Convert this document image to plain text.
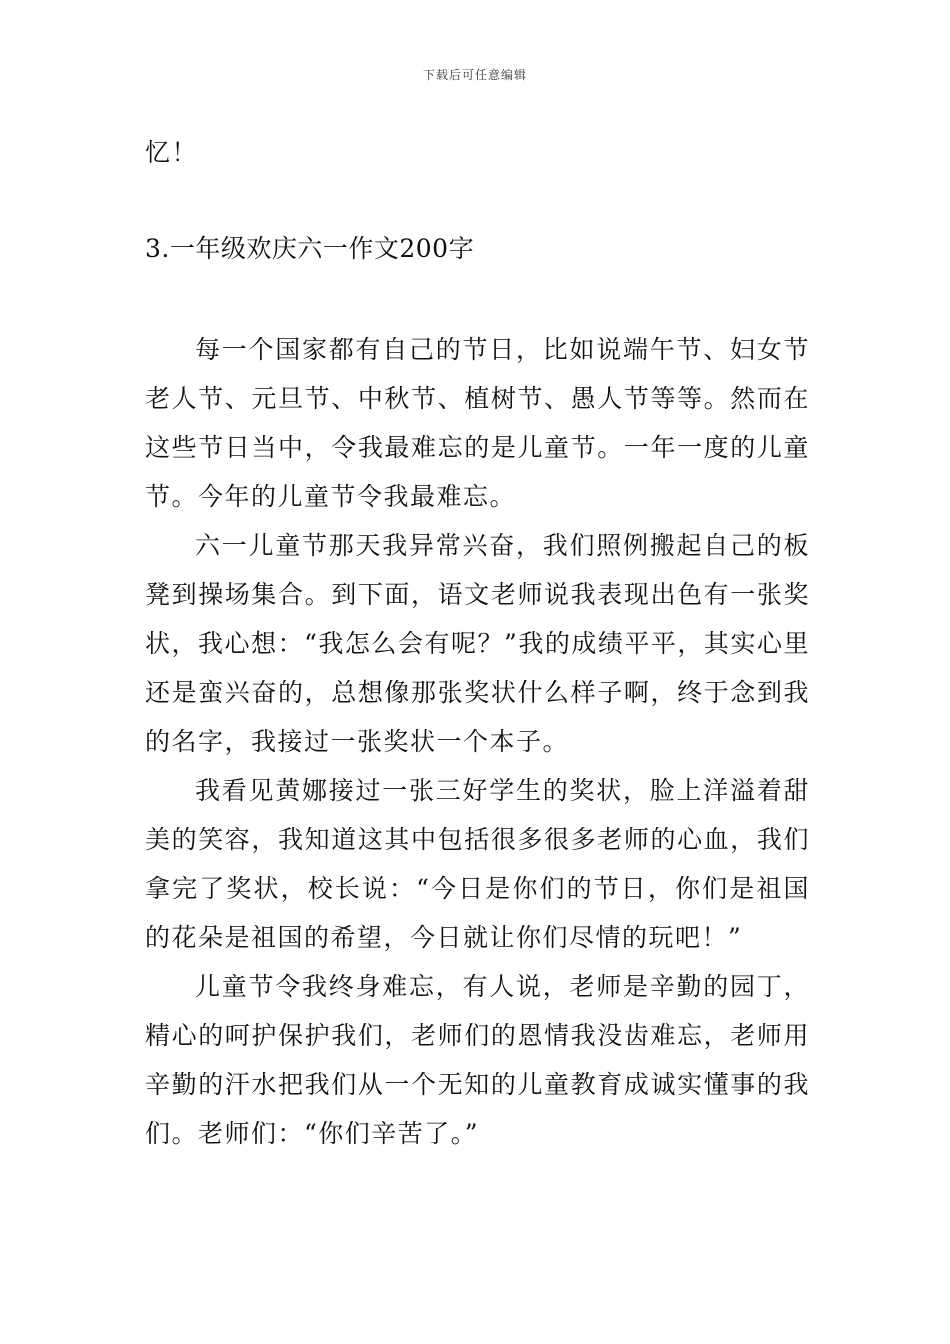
下载后可任意编辑
忆！
3.一年级欢庆六一作文200字

每一个国家都有自己的节日，比如说端午节、妇女节老人节、元旦节、中秋节、植树节、愚人节等等。然而在这些节日当中，令我最难忘的是儿童节。一年一度的儿童节。今年的儿童节令我最难忘。

六一儿童节那天我异常兴奋，我们照例搬起自己的板凳到操场集合。到下面，语文老师说我表现出色有一张奖状，我心想：“我怎么会有呢？”我的成绩平平，其实心里还是蛮兴奋的，总想像那张奖状什么样子啊，终于念到我的名字，我接过一张奖状一个本子。

我看见黄娜接过一张三好学生的奖状，脸上洋溢着甜美的笑容，我知道这其中包括很多很多老师的心血，我们拿完了奖状，校长说：“今日是你们的节日，你们是祖国的花朵是祖国的希望，今日就让你们尽情的玩吧！”

儿童节令我终身难忘，有人说，老师是辛勤的园丁，精心的呵护保护我们，老师们的恩情我没齿难忘，老师用辛勤的汗水把我们从一个无知的儿童教育成诚实懂事的我们。老师们：“你们辛苦了。”
